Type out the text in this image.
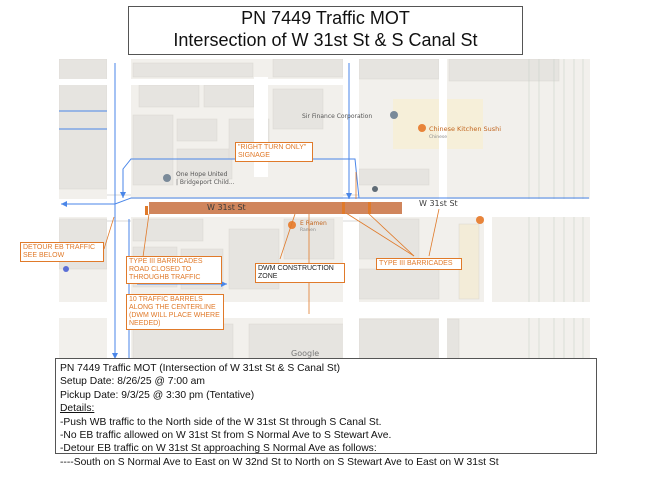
PN 7449 Traffic MOT
Intersection of W 31st St & S Canal St
W 31st St	W 31st St
Sir Finance Corporation
Chinese Kitchen Sushi
Chinese
One Hope United
| Bridgeport Child...
E Ramen
Ramen
Google
"RIGHT TURN ONLY" SIGNAGE
DETOUR EB TRAFFIC SEE BELOW
TYPE III BARRICADES ROAD CLOSED TO THROUGHB TRAFFIC
DWM CONSTRUCTION ZONE
TYPE III BARRICADES
10 TRAFFIC BARRELS ALONG THE CENTERLINE (DWM WILL PLACE WHERE NEEDED)
PN 7449 Traffic MOT (Intersection of W 31st St & S Canal St)
Setup Date: 8/26/25 @ 7:00 am
Pickup Date: 9/3/25 @ 3:30 pm (Tentative)
Details:
-Push WB traffic to the North side of the W 31st St through S Canal St.
-No EB traffic allowed on W 31st St from S Normal Ave to S Stewart Ave.
-Detour EB traffic on W 31st St approaching S Normal Ave as follows:
----South on S Normal Ave to East on W 32nd St to North on S Stewart Ave to East on W 31st St
